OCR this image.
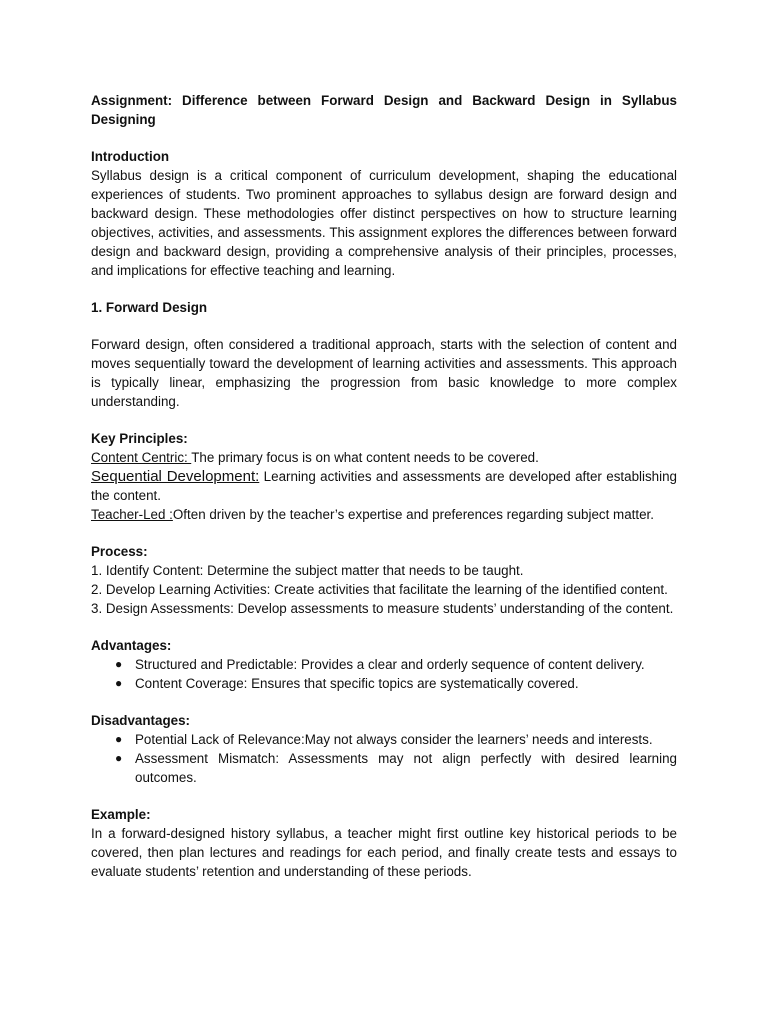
Assignment: Difference between Forward Design and Backward Design in Syllabus Designing

Introduction

Syllabus design is a critical component of curriculum development, shaping the educational experiences of students. Two prominent approaches to syllabus design are forward design and backward design. These methodologies offer distinct perspectives on how to structure learning objectives, activities, and assessments. This assignment explores the differences between forward design and backward design, providing a comprehensive analysis of their principles, processes, and implications for effective teaching and learning.

1. Forward Design

Forward design, often considered a traditional approach, starts with the selection of content and moves sequentially toward the development of learning activities and assessments. This approach is typically linear, emphasizing the progression from basic knowledge to more complex understanding.

Key Principles:

Content Centric: The primary focus is on what content needs to be covered.

Sequential Development: Learning activities and assessments are developed after establishing the content.

Teacher-Led :Often driven by the teacher’s expertise and preferences regarding subject matter.

Process:

1. Identify Content: Determine the subject matter that needs to be taught.

2. Develop Learning Activities: Create activities that facilitate the learning of the identified content.

3. Design Assessments: Develop assessments to measure students’ understanding of the content.

Advantages:

● Structured and Predictable: Provides a clear and orderly sequence of content delivery.
● Content Coverage: Ensures that specific topics are systematically covered.

Disadvantages:

● Potential Lack of Relevance:May not always consider the learners’ needs and interests.
● Assessment Mismatch: Assessments may not align perfectly with desired learning outcomes.

Example:

In a forward-designed history syllabus, a teacher might first outline key historical periods to be covered, then plan lectures and readings for each period, and finally create tests and essays to evaluate students’ retention and understanding of these periods.
